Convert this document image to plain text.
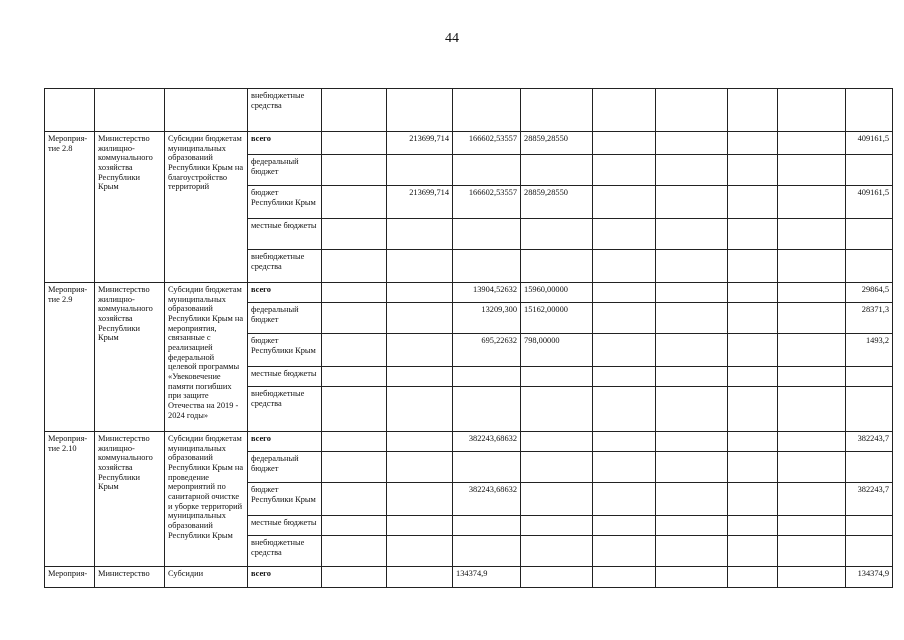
44
			внебюджетные средства									
Мероприя-тие 2.8	Министерство жилищно-коммунального хозяйства Республики Крым	Субсидии бюджетам муниципальных образований Республики Крым на благоустройство территорий	всего		213699,714	166602,53557	28859,28550					409161,5
			федеральный бюджет									
			бюджет Республики Крым		213699,714	166602,53557	28859,28550					409161,5
			местные бюджеты									
			внебюджетные средства									
Мероприя-тие 2.9	Министерство жилищно-коммунального хозяйства Республики Крым	Субсидии бюджетам муниципальных образований Республики Крым на мероприятия, связанные с реализацией федеральной целевой программы «Увековечение памяти погибших при защите Отечества на 2019 - 2024 годы»	всего			13904,52632	15960,00000					29864,5
			федеральный бюджет			13209,300	15162,00000					28371,3
			бюджет Республики Крым			695,22632	798,00000					1493,2
			местные бюджеты									
			внебюджетные средства									
Мероприя-тие 2.10	Министерство жилищно-коммунального хозяйства Республики Крым	Субсидии бюджетам муниципальных образований Республики Крым на проведение мероприятий по санитарной очистке и уборке территорий муниципальных образований Республики Крым	всего			382243,68632						382243,7
			федеральный бюджет									
			бюджет Республики Крым			382243,68632						382243,7
			местные бюджеты									
			внебюджетные средства									
Мероприя-	Министерство	Субсидии	всего			134374,9						134374,9
